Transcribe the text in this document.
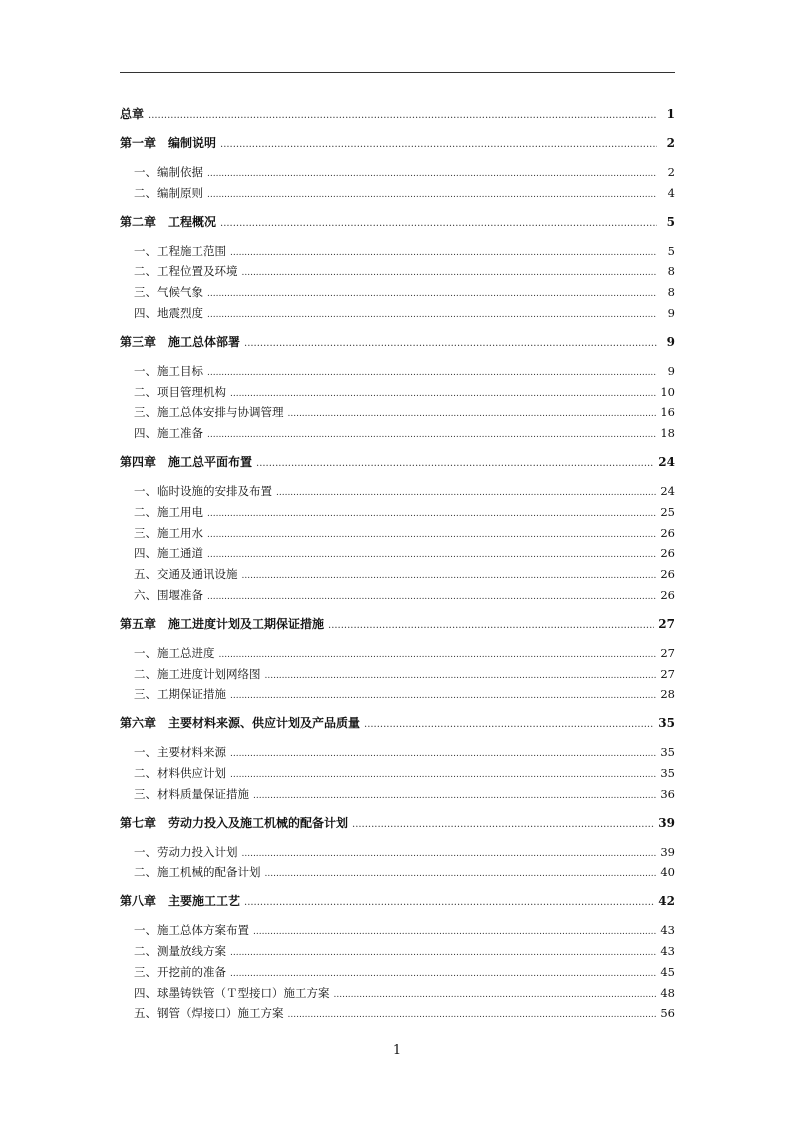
总章 .....	1
第一章　编制说明 .....	2
一、编制依据 .....	2
二、编制原则 .....	4
第二章　工程概况 .....	5
一、工程施工范围 .....	5
二、工程位置及环境 .....	8
三、气候气象 .....	8
四、地震烈度 .....	9
第三章　施工总体部署 .....	9
一、施工目标 .....	9
二、项目管理机构 .....	10
三、施工总体安排与协调管理 .....	16
四、施工准备 .....	18
第四章　施工总平面布置 .....	24
一、临时设施的安排及布置 .....	24
二、施工用电 .....	25
三、施工用水 .....	26
四、施工通道 .....	26
五、交通及通讯设施 .....	26
六、围堰准备 .....	26
第五章　施工进度计划及工期保证措施 .....	27
一、施工总进度 .....	27
二、施工进度计划网络图 .....	27
三、工期保证措施 .....	28
第六章　主要材料来源、供应计划及产品质量 .....	35
一、主要材料来源 .....	35
二、材料供应计划 .....	35
三、材料质量保证措施 .....	36
第七章　劳动力投入及施工机械的配备计划 .....	39
一、劳动力投入计划 .....	39
二、施工机械的配备计划 .....	40
第八章　主要施工工艺 .....	42
一、施工总体方案布置 .....	43
二、测量放线方案 .....	43
三、开挖前的准备 .....	45
四、球墨铸铁管（Ｔ型接口）施工方案 .....	48
五、钢管（焊接口）施工方案 .....	56
1
